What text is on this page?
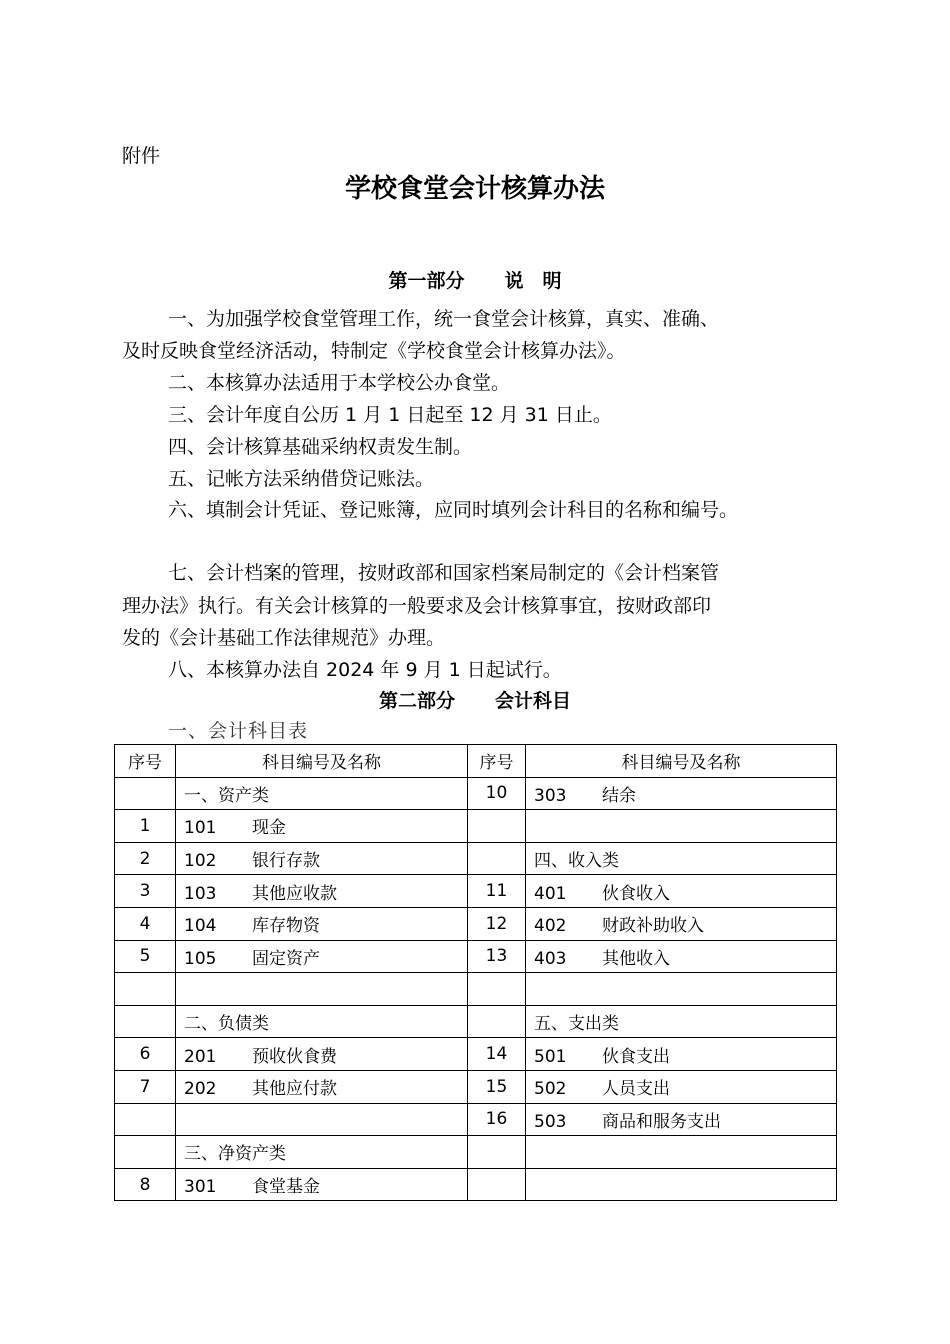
附件
学校食堂会计核算办法
第一部分 说　明
一、为加强学校食堂管理工作，统一食堂会计核算，真实、准确、
及时反映食堂经济活动，特制定《学校食堂会计核算办法》。
二、本核算办法适用于本学校公办食堂。
三、会计年度自公历 1 月 1 日起至 12 月 31 日止。
四、会计核算基础采纳权责发生制。
五、记帐方法采纳借贷记账法。
六、填制会计凭证、登记账簿，应同时填列会计科目的名称和编号。
七、会计档案的管理，按财政部和国家档案局制定的《会计档案管
理办法》执行。有关会计核算的一般要求及会计核算事宜，按财政部印
发的《会计基础工作法律规范》办理。
八、本核算办法自 2024 年 9 月 1 日起试行。
第二部分 会计科目
一、会计科目表
序号	科目编号及名称	序号	科目编号及名称
	一、资产类	10	303 结余
1	101 现金		
2	102 银行存款		四、收入类
3	103 其他应收款	11	401 伙食收入
4	104 库存物资	12	402 财政补助收入
5	105 固定资产	13	403 其他收入

	二、负债类		五、支出类
6	201 预收伙食费	14	501 伙食支出
7	202 其他应付款	15	502 人员支出
		16	503 商品和服务支出
	三、净资产类		
8	301 食堂基金		
